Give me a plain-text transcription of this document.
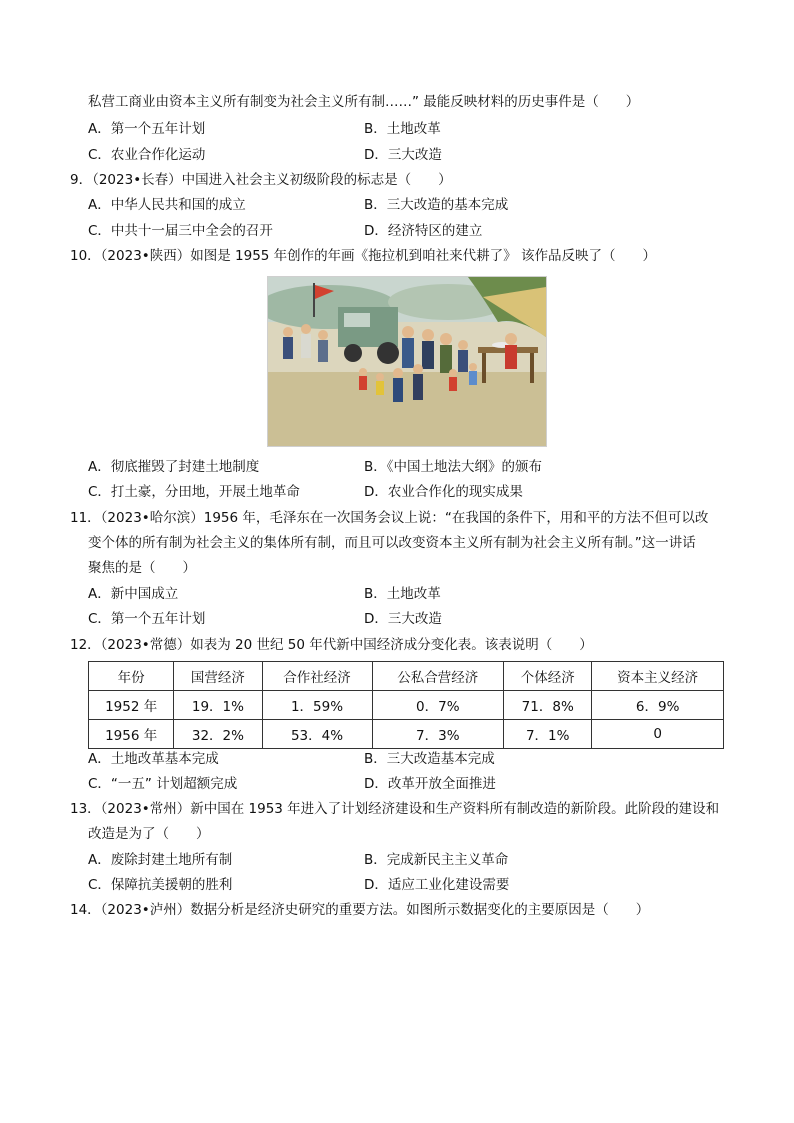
私营工商业由资本主义所有制变为社会主义所有制……” 最能反映材料的历史事件是（　　）
A．第一个五年计划	B．土地改革
C．农业合作化运动	D．三大改造
9．（2023•长春）中国进入社会主义初级阶段的标志是（　　）
A．中华人民共和国的成立	B．三大改造的基本完成
C．中共十一届三中全会的召开	D．经济特区的建立
10．（2023•陕西）如图是 1955 年创作的年画《拖拉机到咱社来代耕了》 该作品反映了（　　）
A．彻底摧毁了封建土地制度	B．《中国土地法大纲》的颁布
C．打土豪，分田地，开展土地革命	D．农业合作化的现实成果
11．（2023•哈尔滨）1956 年，毛泽东在一次国务会议上说：“在我国的条件下，用和平的方法不但可以改
变个体的所有制为社会主义的集体所有制，而且可以改变资本主义所有制为社会主义所有制。”这一讲话
聚焦的是（　　）
A．新中国成立	B．土地改革
C．第一个五年计划	D．三大改造
12．（2023•常德）如表为 20 世纪 50 年代新中国经济成分变化表。该表说明（　　）
年份	国营经济	合作社经济	公私合营经济	个体经济	资本主义经济
1952 年	19．1%	1．59%	0．7%	71．8%	6．9%
1956 年	32．2%	53．4%	7．3%	7．1%	0
A．土地改革基本完成	B．三大改造基本完成
C．“一五” 计划超额完成	D．改革开放全面推进
13．（2023•常州）新中国在 1953 年进入了计划经济建设和生产资料所有制改造的新阶段。此阶段的建设和
改造是为了（　　）
A．废除封建土地所有制	B．完成新民主主义革命
C．保障抗美援朝的胜利	D．适应工业化建设需要
14．（2023•泸州）数据分析是经济史研究的重要方法。如图所示数据变化的主要原因是（　　）
